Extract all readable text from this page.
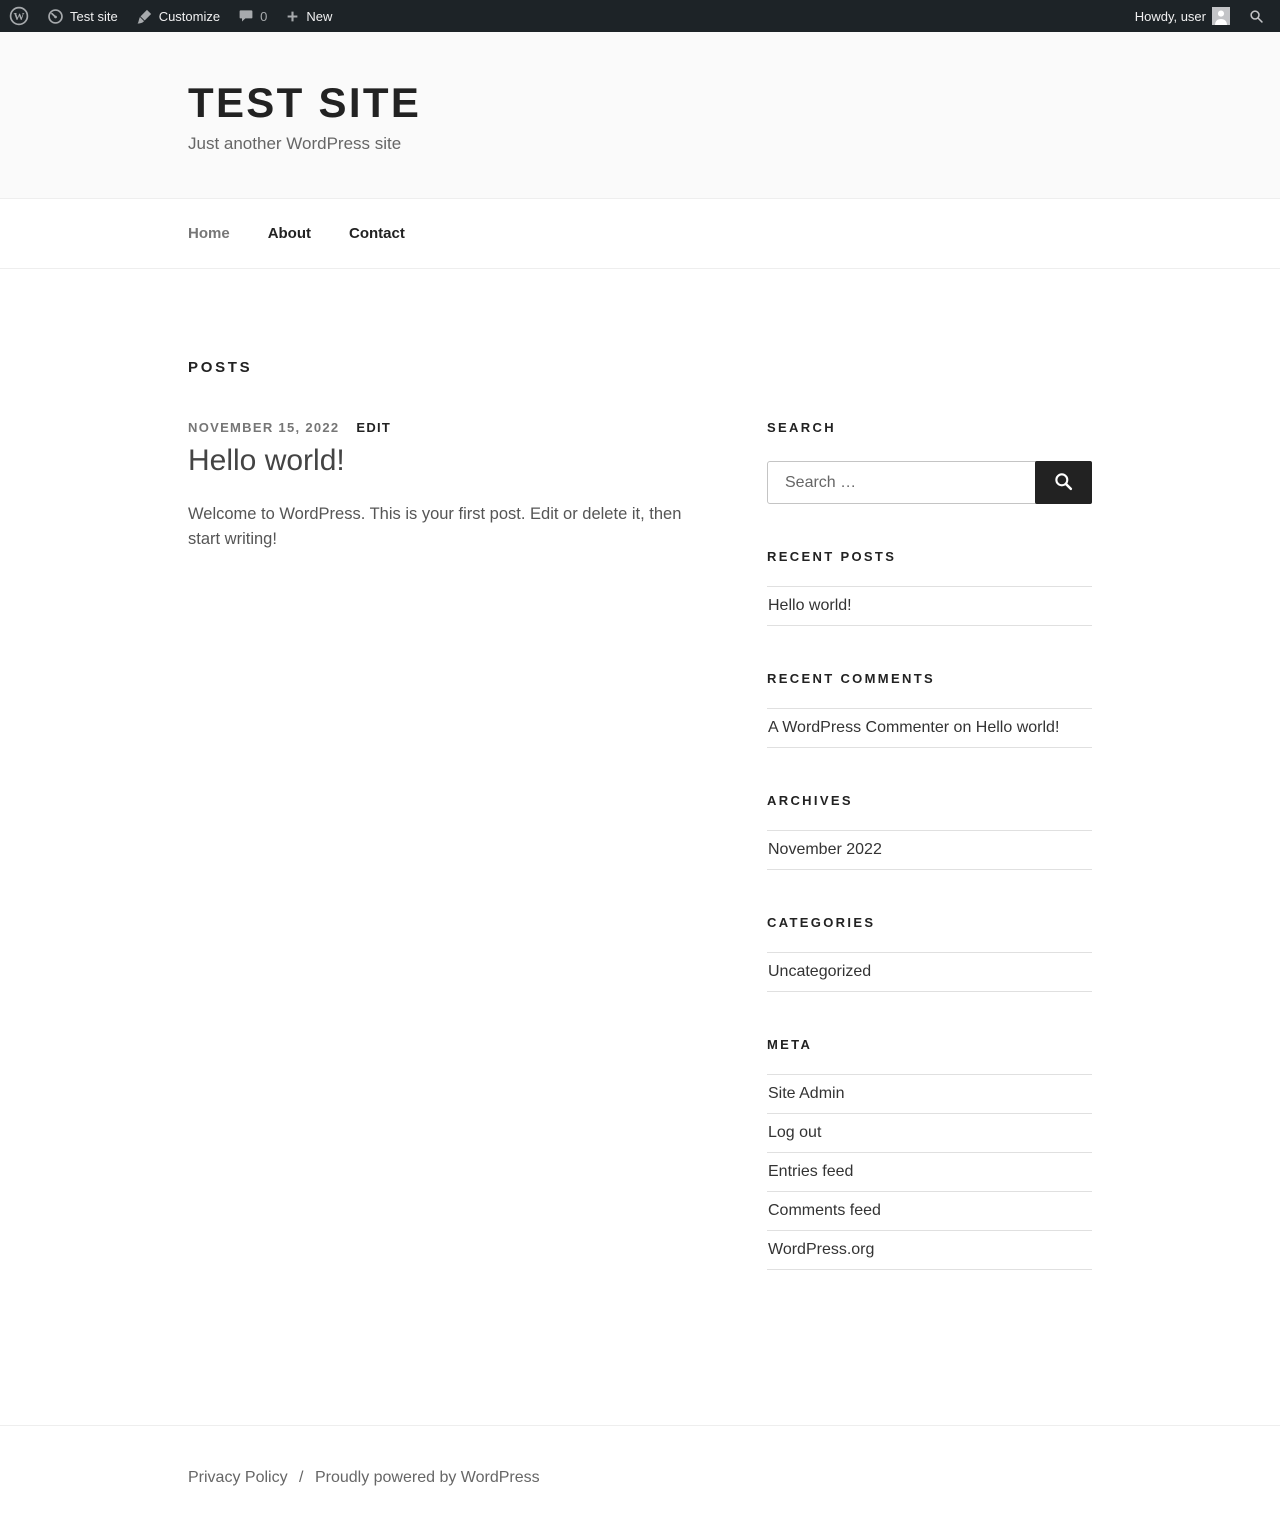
W	Test site	Customize	0	New	Howdy, user
TEST SITE
Just another WordPress site
Home	About	Contact
POSTS
NOVEMBER 15, 2022 EDIT
Hello world!

Welcome to WordPress. This is your first post. Edit or delete it, then start writing!

SEARCH
Search …
RECENT POSTS
Hello world!
RECENT COMMENTS
A WordPress Commenter on Hello world!
ARCHIVES
November 2022
CATEGORIES
Uncategorized
META
Site Admin
Log out
Entries feed
Comments feed
WordPress.org
Privacy Policy / Proudly powered by WordPress
